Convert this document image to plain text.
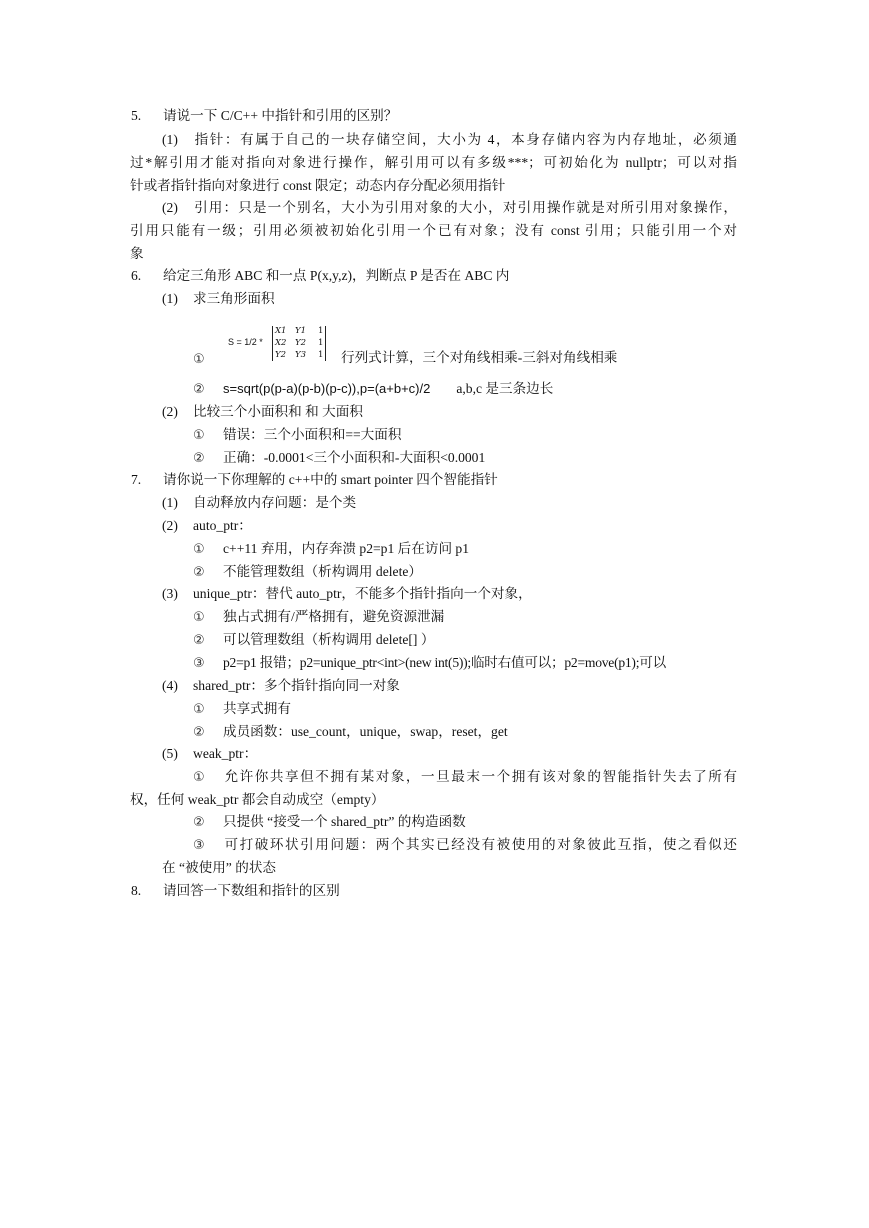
5. 请说一下 C/C++ 中指针和引用的区别？
(1) 指针：有属于自己的一块存储空间，大小为 4，本身存储内容为内存地址，必须通
过*解引用才能对指向对象进行操作，解引用可以有多级***；可初始化为 nullptr；可以对指
针或者指针指向对象进行 const 限定；动态内存分配必须用指针
(2) 引用：只是一个别名，大小为引用对象的大小，对引用操作就是对所引用对象操作，
引用只能有一级；引用必须被初始化引用一个已有对象；没有 const 引用；只能引用一个对
象
6. 给定三角形 ABC 和一点 P(x,y,z)，判断点 P 是否在 ABC 内
(1) 求三角形面积
S = 1/2 *
X1 Y1 1
X2 Y2 1
Y2 Y3 1
①	行列式计算，三个对角线相乘-三斜对角线相乘
② s=sqrt(p(p-a)(p-b)(p-c)),p=(a+b+c)/2 a,b,c 是三条边长
(2) 比较三个小面积和 和 大面积
① 错误：三个小面积和==大面积
② 正确：-0.0001<三个小面积和-大面积<0.0001
7. 请你说一下你理解的 c++中的 smart pointer 四个智能指针
(1) 自动释放内存问题：是个类
(2) auto_ptr：
① c++11 弃用，内存奔溃 p2=p1 后在访问 p1
② 不能管理数组（析构调用 delete）
(3) unique_ptr：替代 auto_ptr，不能多个指针指向一个对象，
① 独占式拥有/严格拥有，避免资源泄漏
② 可以管理数组（析构调用 delete[] ）
③ p2=p1 报错；p2=unique_ptr<int>(new int(5));临时右值可以；p2=move(p1);可以
(4) shared_ptr：多个指针指向同一对象
① 共享式拥有
② 成员函数：use_count，unique，swap，reset，get
(5) weak_ptr：
① 允许你共享但不拥有某对象，一旦最末一个拥有该对象的智能指针失去了所有
权，任何 weak_ptr 都会自动成空（empty）
② 只提供 “接受一个 shared_ptr” 的构造函数
③ 可打破环状引用问题：两个其实已经没有被使用的对象彼此互指，使之看似还
在 “被使用” 的状态
8. 请回答一下数组和指针的区别
